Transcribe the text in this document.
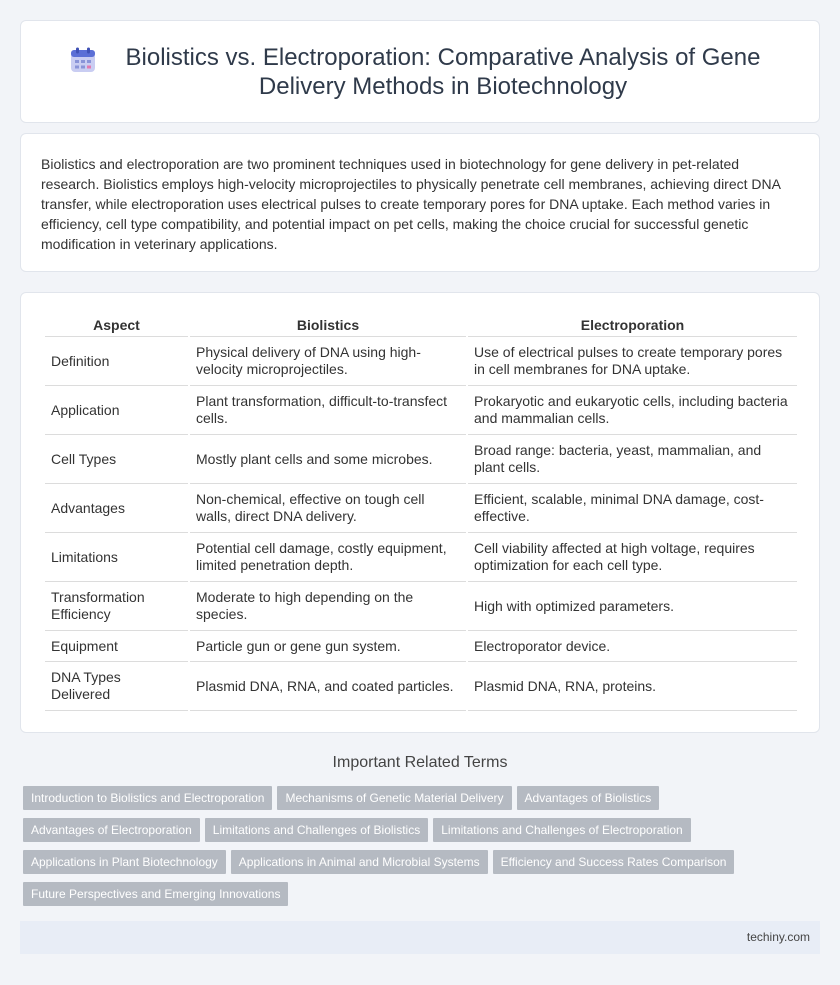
Biolistics vs. Electroporation: Comparative Analysis of Gene Delivery Methods in Biotechnology

Biolistics and electroporation are two prominent techniques used in biotechnology for gene delivery in pet-related research. Biolistics employs high-velocity microprojectiles to physically penetrate cell membranes, achieving direct DNA transfer, while electroporation uses electrical pulses to create temporary pores for DNA uptake. Each method varies in efficiency, cell type compatibility, and potential impact on pet cells, making the choice crucial for successful genetic modification in veterinary applications.

Aspect	Biolistics	Electroporation
Definition	Physical delivery of DNA using high-velocity microprojectiles.	Use of electrical pulses to create temporary pores in cell membranes for DNA uptake.
Application	Plant transformation, difficult-to-transfect cells.	Prokaryotic and eukaryotic cells, including bacteria and mammalian cells.
Cell Types	Mostly plant cells and some microbes.	Broad range: bacteria, yeast, mammalian, and plant cells.
Advantages	Non-chemical, effective on tough cell walls, direct DNA delivery.	Efficient, scalable, minimal DNA damage, cost-effective.
Limitations	Potential cell damage, costly equipment, limited penetration depth.	Cell viability affected at high voltage, requires optimization for each cell type.
Transformation Efficiency	Moderate to high depending on the species.	High with optimized parameters.
Equipment	Particle gun or gene gun system.	Electroporator device.
DNA Types Delivered	Plasmid DNA, RNA, and coated particles.	Plasmid DNA, RNA, proteins.
Important Related Terms
Introduction to Biolistics and Electroporation Mechanisms of Genetic Material Delivery Advantages of Biolistics
Advantages of Electroporation Limitations and Challenges of Biolistics Limitations and Challenges of Electroporation
Applications in Plant Biotechnology Applications in Animal and Microbial Systems Efficiency and Success Rates Comparison
Future Perspectives and Emerging Innovations
techiny.com
